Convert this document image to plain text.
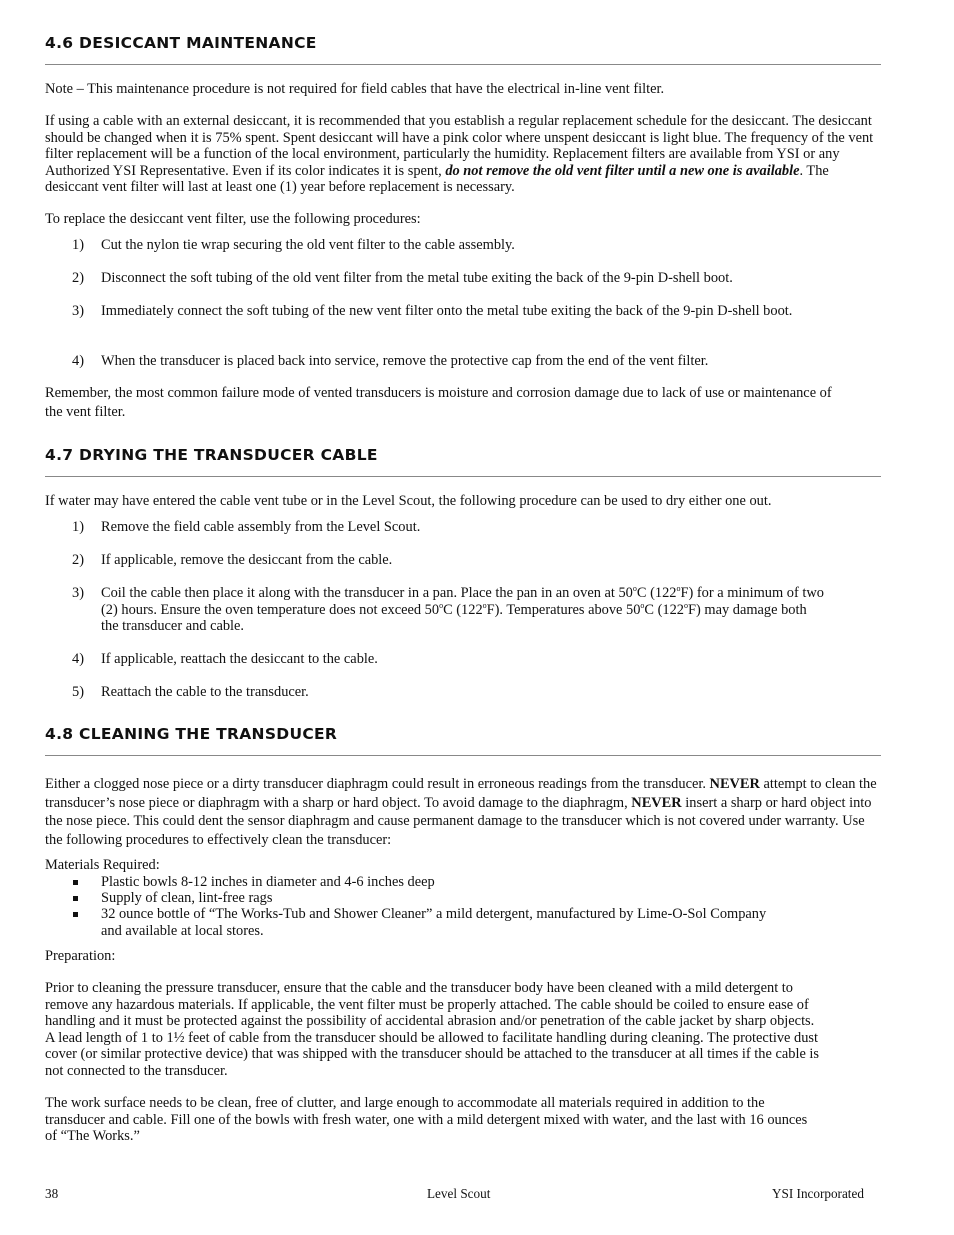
4.6 DESICCANT MAINTENANCE

Note – This maintenance procedure is not required for field cables that have the electrical in-line vent filter.

If using a cable with an external desiccant, it is recommended that you establish a regular replacement schedule for the desiccant. The desiccant should be changed when it is 75% spent. Spent desiccant will have a pink color where unspent desiccant is light blue. The frequency of the vent filter replacement will be a function of the local environment, particularly the humidity. Replacement filters are available from YSI or any Authorized YSI Representative. Even if its color indicates it is spent, do not remove the old vent filter until a new one is available. The desiccant vent filter will last at least one (1) year before replacement is necessary.

To replace the desiccant vent filter, use the following procedures:

1) Cut the nylon tie wrap securing the old vent filter to the cable assembly.
2) Disconnect the soft tubing of the old vent filter from the metal tube exiting the back of the 9-pin D-shell boot.
3) Immediately connect the soft tubing of the new vent filter onto the metal tube exiting the back of the 9-pin D-shell boot.
4) When the transducer is placed back into service, remove the protective cap from the end of the vent filter.

Remember, the most common failure mode of vented transducers is moisture and corrosion damage due to lack of use or maintenance of the vent filter.

4.7 DRYING THE TRANSDUCER CABLE

If water may have entered the cable vent tube or in the Level Scout, the following procedure can be used to dry either one out.

1) Remove the field cable assembly from the Level Scout.
2) If applicable, remove the desiccant from the cable.
3) Coil the cable then place it along with the transducer in a pan. Place the pan in an oven at 50$^o$C (122$^o$F) for a minimum of two (2) hours. Ensure the oven temperature does not exceed 50$^o$C (122$^o$F). Temperatures above 50$^o$C (122$^o$F) may damage both the transducer and cable.
4) If applicable, reattach the desiccant to the cable.
5) Reattach the cable to the transducer.
4.8 CLEANING THE TRANSDUCER

Either a clogged nose piece or a dirty transducer diaphragm could result in erroneous readings from the transducer. NEVER attempt to clean the transducer’s nose piece or diaphragm with a sharp or hard object. To avoid damage to the diaphragm, NEVER insert a sharp or hard object into the nose piece. This could dent the sensor diaphragm and cause permanent damage to the transducer which is not covered under warranty. Use the following procedures to effectively clean the transducer:

Materials Required:

Plastic bowls 8-12 inches in diameter and 4-6 inches deep
Supply of clean, lint-free rags
32 ounce bottle of “The Works-Tub and Shower Cleaner” a mild detergent, manufactured by Lime-O-Sol Company and available at local stores.

Preparation:

Prior to cleaning the pressure transducer, ensure that the cable and the transducer body have been cleaned with a mild detergent to remove any hazardous materials. If applicable, the vent filter must be properly attached. The cable should be coiled to ensure ease of handling and it must be protected against the possibility of accidental abrasion and/or penetration of the cable jacket by sharp objects. A lead length of 1 to 1½ feet of cable from the transducer should be allowed to facilitate handling during cleaning. The protective dust cover (or similar protective device) that was shipped with the transducer should be attached to the transducer at all times if the cable is not connected to the transducer.

The work surface needs to be clean, free of clutter, and large enough to accommodate all materials required in addition to the transducer and cable. Fill one of the bowls with fresh water, one with a mild detergent mixed with water, and the last with 16 ounces of “The Works.”

38	Level Scout	YSI Incorporated
